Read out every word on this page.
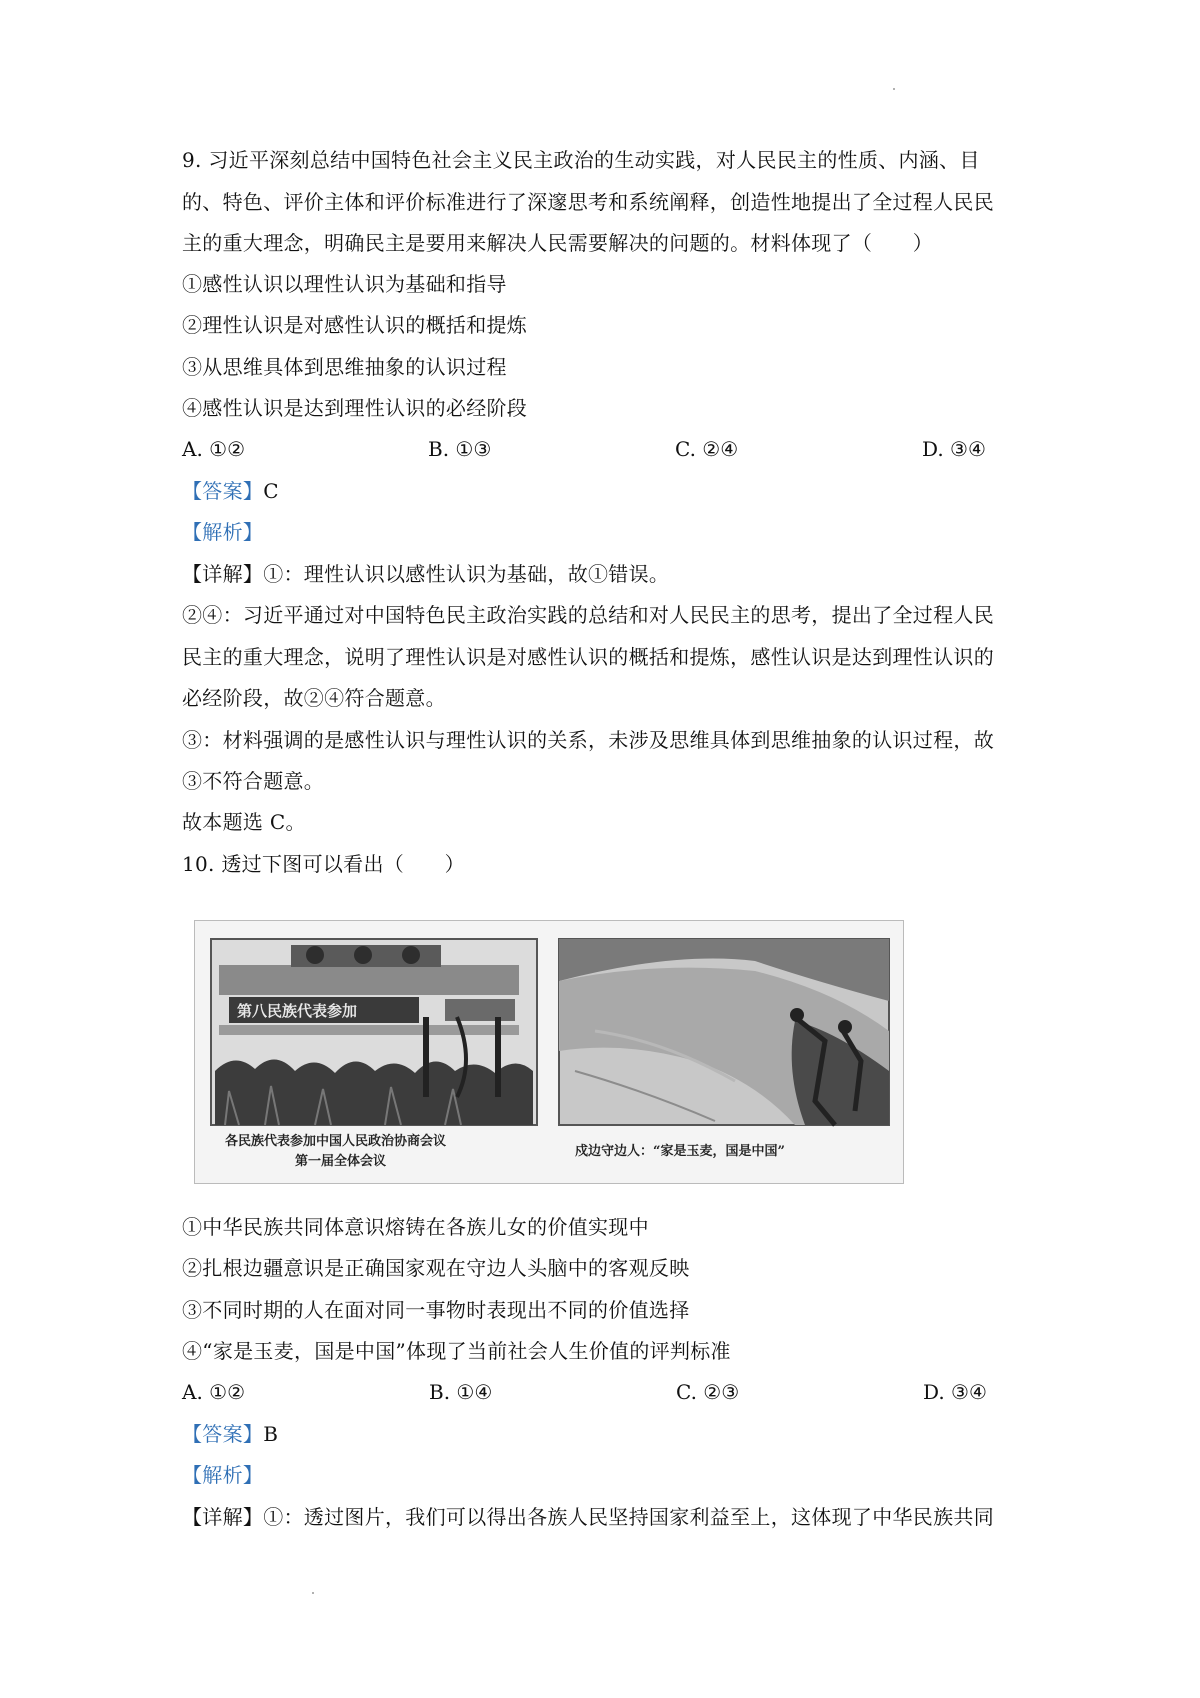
9. 习近平深刻总结中国特色社会主义民主政治的生动实践，对人民民主的性质、内涵、目
的、特色、评价主体和评价标准进行了深邃思考和系统阐释，创造性地提出了全过程人民民
主的重大理念，明确民主是要用来解决人民需要解决的问题的。材料体现了（　　）
①感性认识以理性认识为基础和指导
②理性认识是对感性认识的概括和提炼
③从思维具体到思维抽象的认识过程
④感性认识是达到理性认识的必经阶段
A. ①②	B. ①③	C. ②④	D. ③④
【答案】C
【解析】
【详解】①：理性认识以感性认识为基础，故①错误。
②④：习近平通过对中国特色民主政治实践的总结和对人民民主的思考，提出了全过程人民
民主的重大理念，说明了理性认识是对感性认识的概括和提炼，感性认识是达到理性认识的
必经阶段，故②④符合题意。
③：材料强调的是感性认识与理性认识的关系，未涉及思维具体到思维抽象的认识过程，故
③不符合题意。
故本题选 C。
10. 透过下图可以看出（　　）
第八民族代表参加
各民族代表参加中国人民政治协商会议
第一届全体会议
戍边守边人：“家是玉麦，国是中国”
①中华民族共同体意识熔铸在各族儿女的价值实现中
②扎根边疆意识是正确国家观在守边人头脑中的客观反映
③不同时期的人在面对同一事物时表现出不同的价值选择
④“家是玉麦，国是中国”体现了当前社会人生价值的评判标准
A. ①②	B. ①④	C. ②③	D. ③④
【答案】B
【解析】
【详解】①：透过图片，我们可以得出各族人民坚持国家利益至上，这体现了中华民族共同
